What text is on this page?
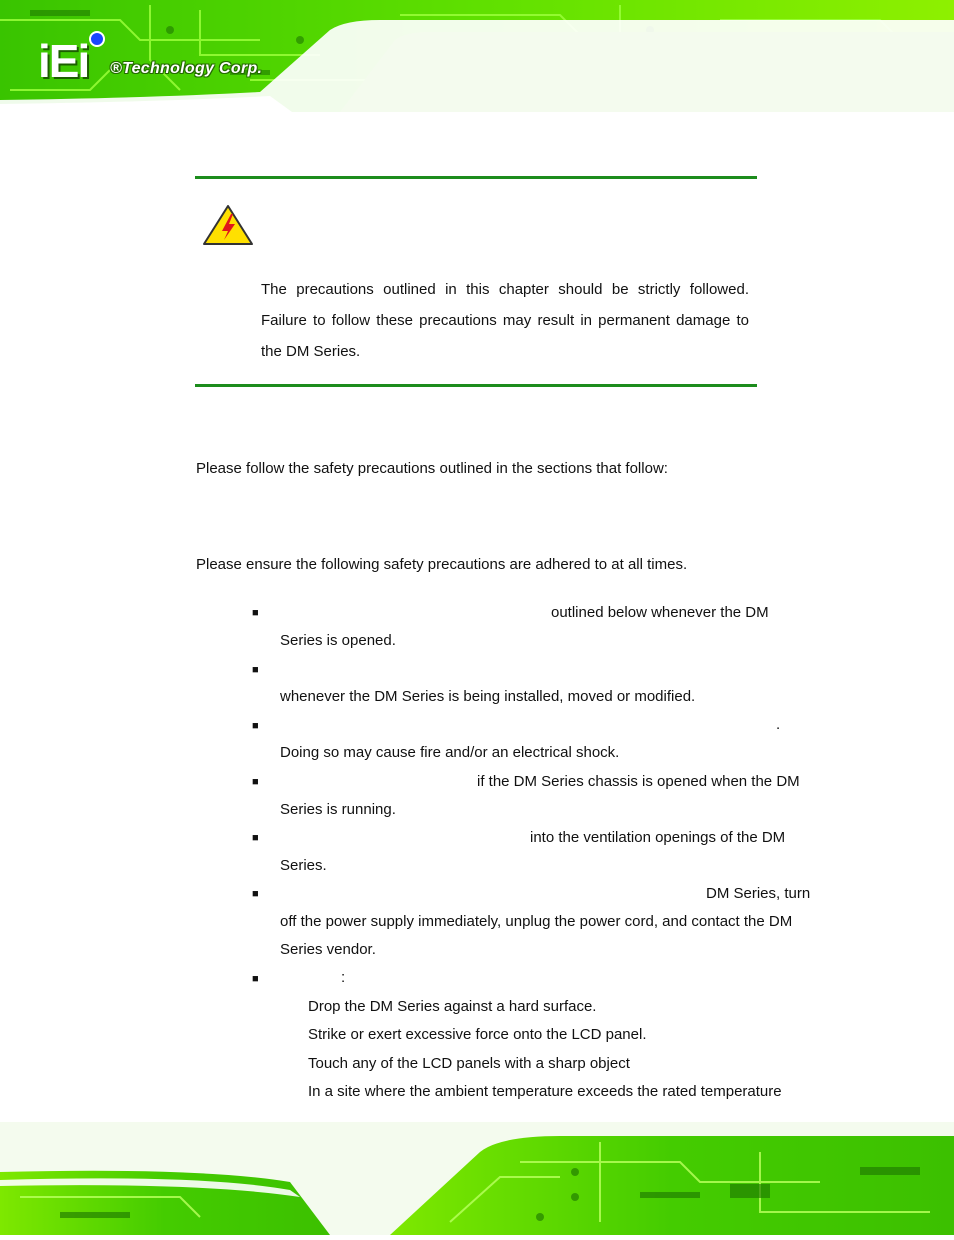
iEi ®Technology Corp.
The precautions outlined in this chapter should be strictly followed. Failure to follow these precautions may result in permanent damage to the DM Series.
Please follow the safety precautions outlined in the sections that follow:
Please ensure the following safety precautions are adhered to at all times.
■	outlined below whenever the DM
Series is opened.
■
whenever the DM Series is being installed, moved or modified.
■	.
Doing so may cause fire and/or an electrical shock.
■	if the DM Series chassis is opened when the DM
Series is running.
■	into the ventilation openings of the DM
Series.
■	DM Series, turn
off the power supply immediately, unplug the power cord, and contact the DM
Series vendor.
■	:
Drop the DM Series against a hard surface.
Strike or exert excessive force onto the LCD panel.
Touch any of the LCD panels with a sharp object
In a site where the ambient temperature exceeds the rated temperature
